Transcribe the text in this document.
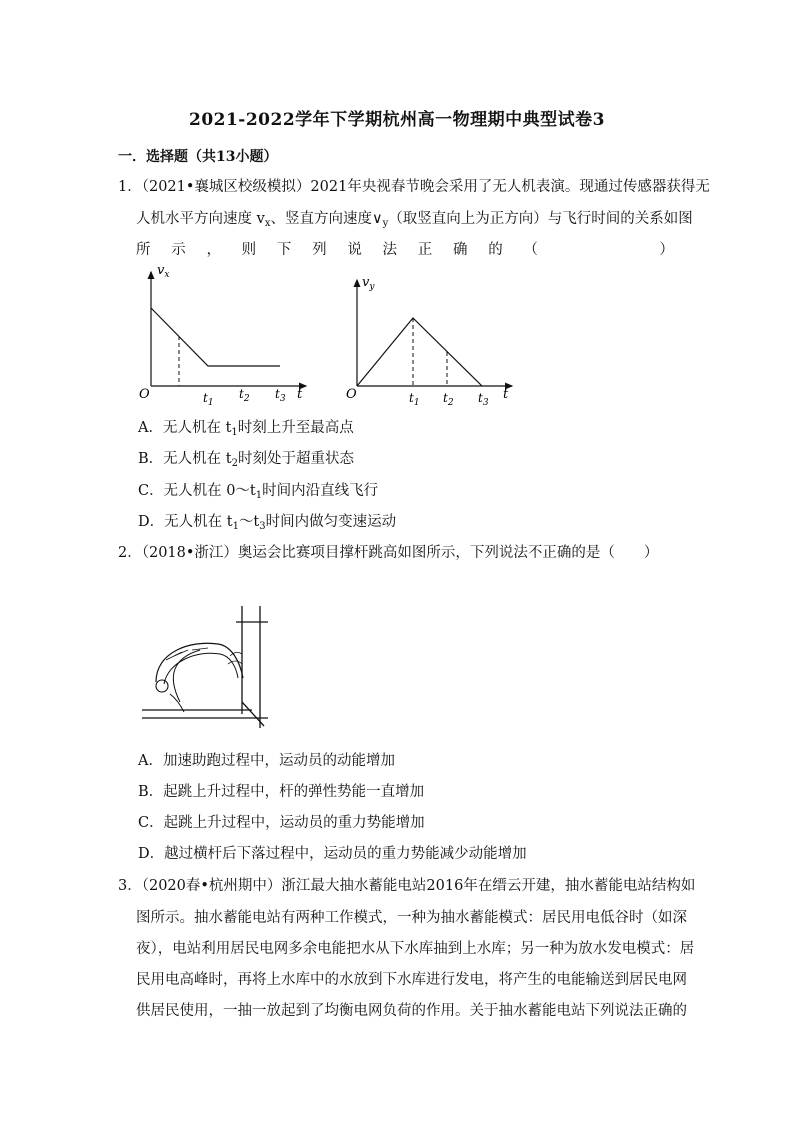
2021-2022学年下学期杭州高一物理期中典型试卷3
一．选择题（共13小题）
1．（2021•襄城区校级模拟）2021年央视春节晚会采用了无人机表演。现通过传感器获得无
人机水平方向速度 $v_x$、竖直方向速度$\vee_y$（取竖直向上为正方向）与飞行时间的关系如图
所 示 ， 则 下 列 说 法 正 确 的 （	）
$v_x$
O	$t_1$
$t_2$ $t_3$ t
$v_y$
O	$t_1$ $t_2$ $t_3$
t
A．无人机在 $t_1$时刻上升至最高点
B．无人机在 $t_2$时刻处于超重状态
C．无人机在 $0\sim t_1$时间内沿直线飞行
D．无人机在 $t_1\sim t_3$时间内做匀变速运动
2．（2018•浙江）奥运会比赛项目撑杆跳高如图所示，下列说法不正确的是（　　）
A．加速助跑过程中，运动员的动能增加
B．起跳上升过程中，杆的弹性势能一直增加
C．起跳上升过程中，运动员的重力势能增加
D．越过横杆后下落过程中，运动员的重力势能减少动能增加
3．（2020春•杭州期中）浙江最大抽水蓄能电站2016年在缙云开建，抽水蓄能电站结构如
图所示。抽水蓄能电站有两种工作模式，一种为抽水蓄能模式：居民用电低谷时（如深
夜），电站利用居民电网多余电能把水从下水库抽到上水库；另一种为放水发电模式：居
民用电高峰时，再将上水库中的水放到下水库进行发电，将产生的电能输送到居民电网
供居民使用，一抽一放起到了均衡电网负荷的作用。关于抽水蓄能电站下列说法正确的
